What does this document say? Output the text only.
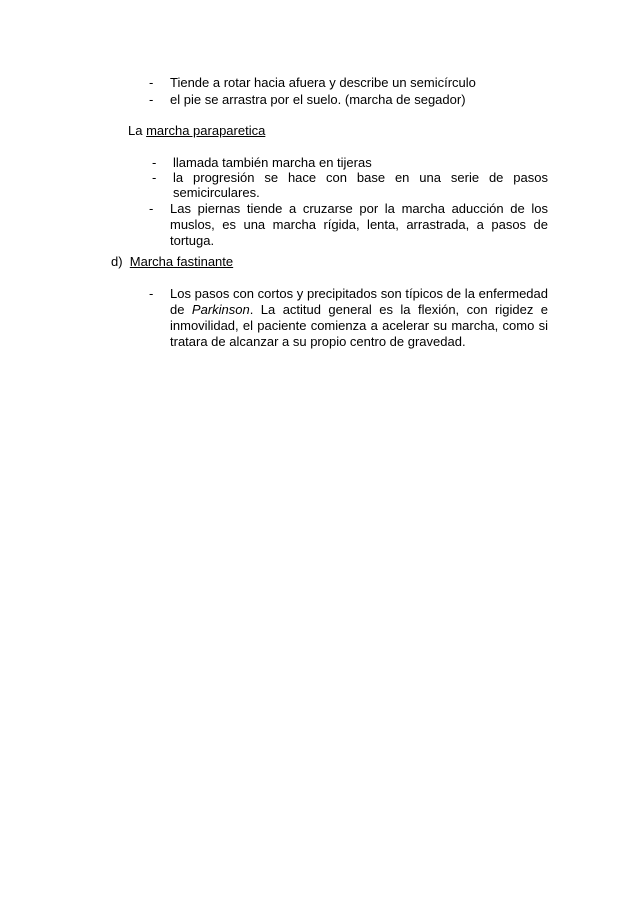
- Tiende a rotar hacia afuera y describe un semicírculo
- el pie se arrastra por el suelo. (marcha de segador)
La marcha paraparetica
- llamada también marcha en tijeras
- la progresión se hace con base en una serie de pasos
semicirculares.
- Las piernas tiende a cruzarse por la marcha aducción de los
muslos, es una marcha rígida, lenta, arrastrada, a pasos de
tortuga.
d) Marcha fastinante
- Los pasos con cortos y precipitados son típicos de la enfermedad
de Parkinson. La actitud general es la flexión, con rigidez e
inmovilidad, el paciente comienza a acelerar su marcha, como si
tratara de alcanzar a su propio centro de gravedad.
